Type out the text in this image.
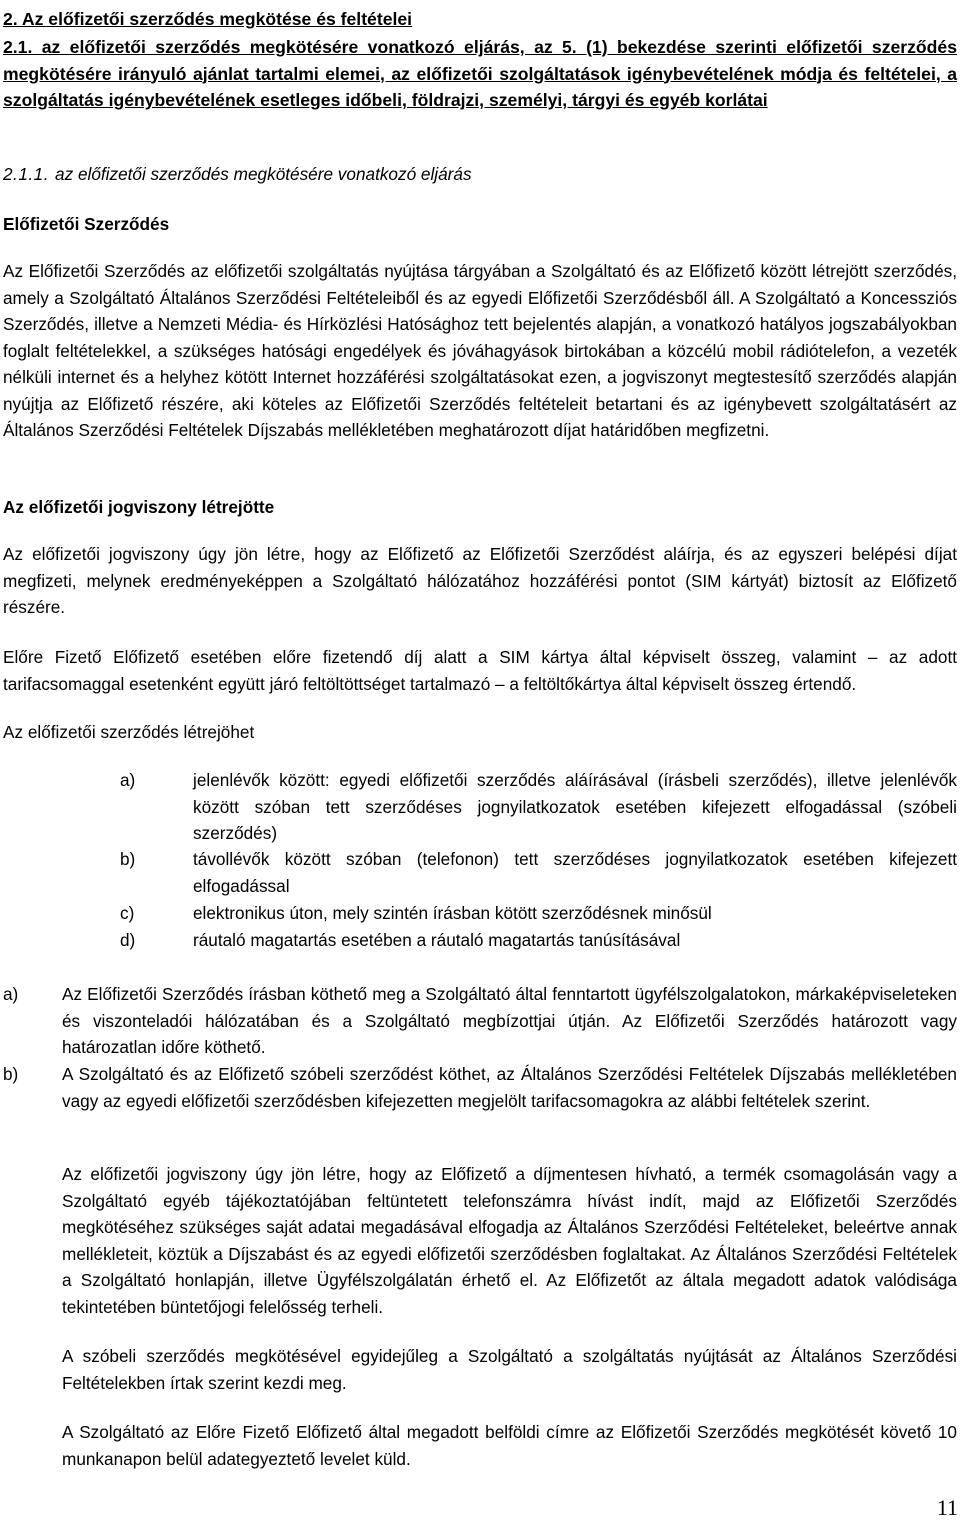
2. Az előfizetői szerződés megkötése és feltételei
2.1. az előfizetői szerződés megkötésére vonatkozó eljárás, az 5. (1) bekezdése szerinti előfizetői szerződés megkötésére irányuló ajánlat tartalmi elemei, az előfizetői szolgáltatások igénybevételének módja és feltételei, a szolgáltatás igénybevételének esetleges időbeli, földrajzi, személyi, tárgyi és egyéb korlátai
2.1.1. az előfizetői szerződés megkötésére vonatkozó eljárás
Előfizetői Szerződés
Az Előfizetői Szerződés az előfizetői szolgáltatás nyújtása tárgyában a Szolgáltató és az Előfizető között létrejött szerződés, amely a Szolgáltató Általános Szerződési Feltételeiből és az egyedi Előfizetői Szerződésből áll. A Szolgáltató a Koncessziós Szerződés, illetve a Nemzeti Média- és Hírközlési Hatósághoz tett bejelentés alapján, a vonatkozó hatályos jogszabályokban foglalt feltételekkel, a szükséges hatósági engedélyek és jóváhagyások birtokában a közcélú mobil rádiótelefon, a vezeték nélküli internet és a helyhez kötött Internet hozzáférési szolgáltatásokat ezen, a jogviszonyt megtestesítő szerződés alapján nyújtja az Előfizető részére, aki köteles az Előfizetői Szerződés feltételeit betartani és az igénybevett szolgáltatásért az Általános Szerződési Feltételek Díjszabás mellékletében meghatározott díjat határidőben megfizetni.
Az előfizetői jogviszony létrejötte
Az előfizetői jogviszony úgy jön létre, hogy az Előfizető az Előfizetői Szerződést aláírja, és az egyszeri belépési díjat megfizeti, melynek eredményeképpen a Szolgáltató hálózatához hozzáférési pontot (SIM kártyát) biztosít az Előfizető részére.
Előre Fizető Előfizető esetében előre fizetendő díj alatt a SIM kártya által képviselt összeg, valamint – az adott tarifacsomaggal esetenként együtt járó feltöltöttséget tartalmazó – a feltöltőkártya által képviselt összeg értendő.
Az előfizetői szerződés létrejöhet
a)	jelenlévők között: egyedi előfizetői szerződés aláírásával (írásbeli szerződés), illetve jelenlévők között szóban tett szerződéses jognyilatkozatok esetében kifejezett elfogadással (szóbeli szerződés)
b)	távollévők között szóban (telefonon) tett szerződéses jognyilatkozatok esetében kifejezett elfogadással
c)	elektronikus úton, mely szintén írásban kötött szerződésnek minősül
d)	ráutaló magatartás esetében a ráutaló magatartás tanúsításával
a)	Az Előfizetői Szerződés írásban köthető meg a Szolgáltató által fenntartott ügyfélszolgalatokon, márkaképviseleteken és viszonteladói hálózatában és a Szolgáltató megbízottjai útján. Az Előfizetői Szerződés határozott vagy határozatlan időre köthető.
b)	A Szolgáltató és az Előfizető szóbeli szerződést köthet, az Általános Szerződési Feltételek Díjszabás mellékletében vagy az egyedi előfizetői szerződésben kifejezetten megjelölt tarifacsomagokra az alábbi feltételek szerint.
Az előfizetői jogviszony úgy jön létre, hogy az Előfizető a díjmentesen hívható, a termék csomagolásán vagy a Szolgáltató egyéb tájékoztatójában feltüntetett telefonszámra hívást indít, majd az Előfizetői Szerződés megkötéséhez szükséges saját adatai megadásával elfogadja az Általános Szerződési Feltételeket, beleértve annak mellékleteit, köztük a Díjszabást és az egyedi előfizetői szerződésben foglaltakat. Az Általános Szerződési Feltételek a Szolgáltató honlapján, illetve Ügyfélszolgálatán érhető el. Az Előfizetőt az általa megadott adatok valódisága tekintetében büntetőjogi felelősség terheli.
A szóbeli szerződés megkötésével egyidejűleg a Szolgáltató a szolgáltatás nyújtását az Általános Szerződési Feltételekben írtak szerint kezdi meg.
A Szolgáltató az Előre Fizető Előfizető által megadott belföldi címre az Előfizetői Szerződés megkötését követő 10 munkanapon belül adategyeztető levelet küld.
11
